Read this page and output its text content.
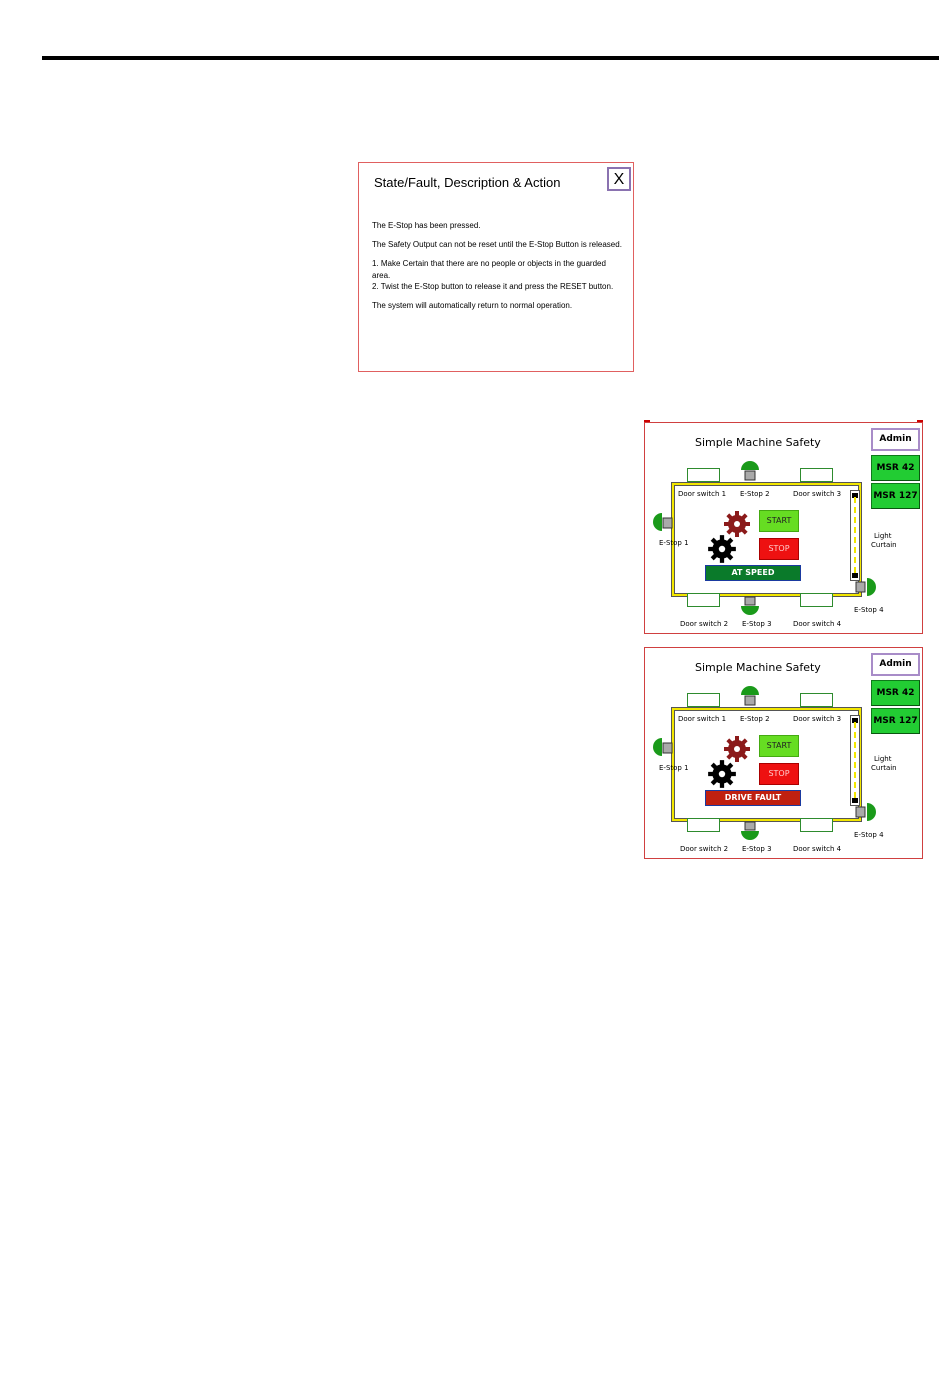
State/Fault, Description & Action	X

The E-Stop has been pressed.

The Safety Output can not be reset until the E-Stop Button is released.

1. Make Certain that there are no people or objects in the guarded area.

2. Twist the E-Stop button to release it and press the RESET button.

The system will automatically return to normal operation.

Simple Machine Safety	Admin
MSR 42
MSR 127
Door switch 1 E-Stop 2	Door switch 3
E-Stop 1
Door switch 2 E-Stop 3	Door switch 4
E-Stop 4
Light
Curtain
START
STOP
AT SPEED
Simple Machine Safety	Admin
MSR 42
MSR 127
Door switch 1 E-Stop 2	Door switch 3
E-Stop 1
Door switch 2 E-Stop 3	Door switch 4
E-Stop 4
Light
Curtain
START
STOP
DRIVE FAULT
